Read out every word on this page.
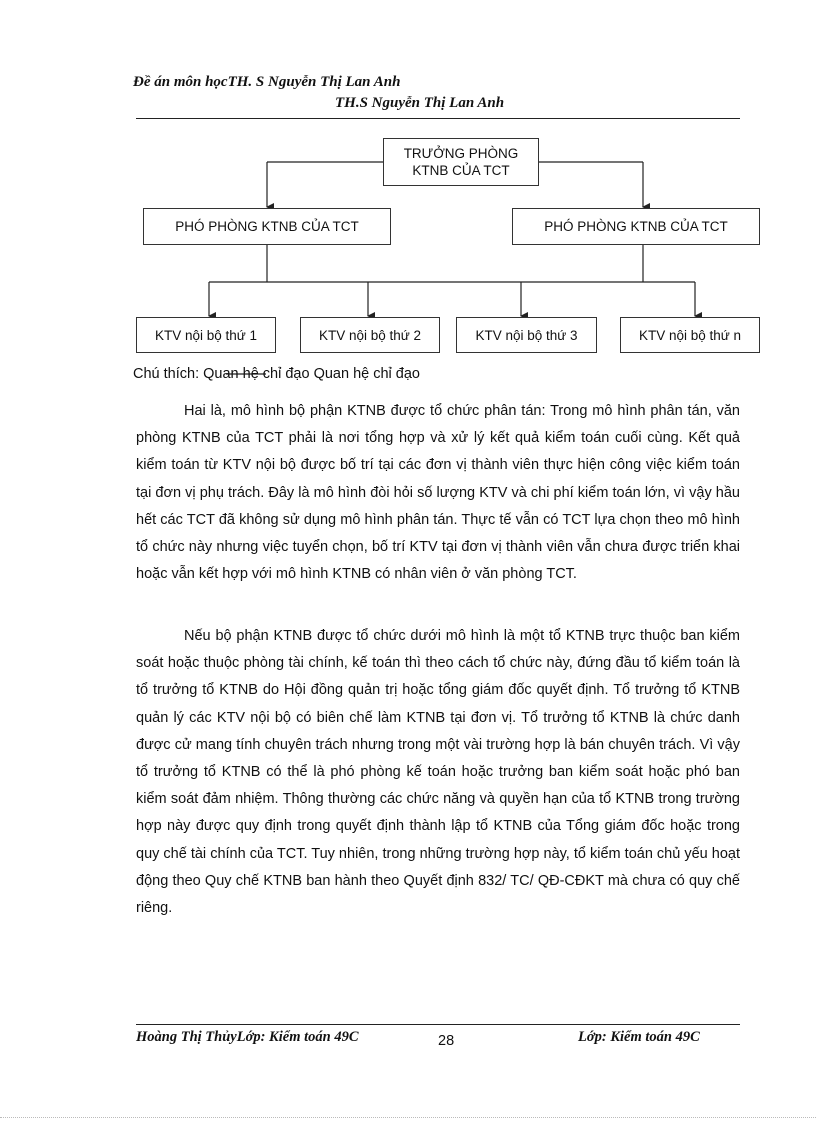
Đề án môn họcTH. S Nguyễn Thị Lan Anh
TH.S Nguyễn Thị Lan Anh
TRƯỞNG PHÒNG
KTNB CỦA TCT
PHÓ PHÒNG KTNB CỦA TCT	PHÓ PHÒNG KTNB CỦA TCT
KTV nội bộ thứ 1	KTV nội bộ thứ 2	KTV nội bộ thứ 3	KTV nội bộ thứ n
Chú thích: Quan hệ chỉ đạo Quan hệ chỉ đạo

Hai là, mô hình bộ phận KTNB được tổ chức phân tán: Trong mô hình phân tán, văn phòng KTNB của TCT phải là nơi tổng hợp và xử lý kết quả kiểm toán cuối cùng. Kết quả kiểm toán từ KTV nội bộ được bố trí tại các đơn vị thành viên thực hiện công việc kiểm toán tại đơn vị phụ trách. Đây là mô hình đòi hỏi số lượng KTV và chi phí kiểm toán lớn, vì vậy hầu hết các TCT đã không sử dụng mô hình phân tán. Thực tế vẫn có TCT lựa chọn theo mô hình tổ chức này nhưng việc tuyển chọn, bố trí KTV tại đơn vị thành viên vẫn chưa được triển khai hoặc vẫn kết hợp với mô hình KTNB có nhân viên ở văn phòng TCT.

Nếu bộ phận KTNB được tổ chức dưới mô hình là một tổ KTNB trực thuộc ban kiểm soát hoặc thuộc phòng tài chính, kế toán thì theo cách tổ chức này, đứng đầu tổ kiểm toán là tổ trưởng tổ KTNB do Hội đồng quản trị hoặc tổng giám đốc quyết định. Tổ trưởng tổ KTNB quản lý các KTV nội bộ có biên chế làm KTNB tại đơn vị. Tổ trưởng tổ KTNB là chức danh được cử mang tính chuyên trách nhưng trong một vài trường hợp là bán chuyên trách. Vì vậy tổ trưởng tổ KTNB có thể là phó phòng kế toán hoặc trưởng ban kiểm soát hoặc phó ban kiểm soát đảm nhiệm. Thông thường các chức năng và quyền hạn của tổ KTNB trong trường hợp này được quy định trong quyết định thành lập tổ KTNB của Tổng giám đốc hoặc trong quy chế tài chính của TCT. Tuy nhiên, trong những trường hợp này, tổ kiểm toán chủ yếu hoạt động theo Quy chế KTNB ban hành theo Quyết định 832/ TC/ QĐ-CĐKT mà chưa có quy chế riêng.

Hoàng Thị ThủyLớp: Kiểm toán 49C	28	Lớp: Kiểm toán 49C
